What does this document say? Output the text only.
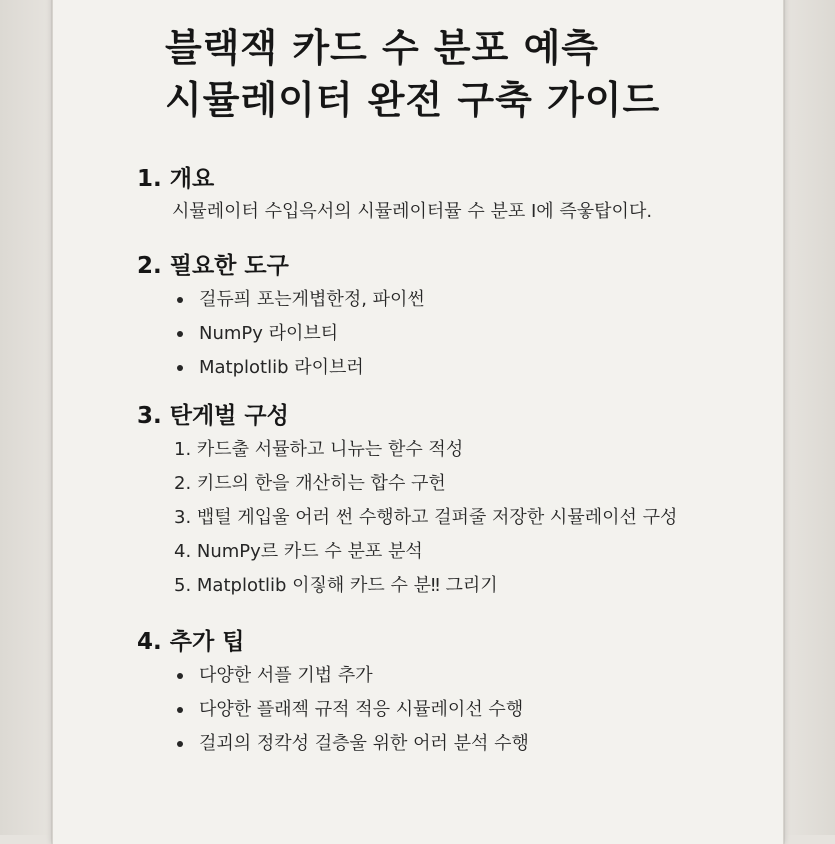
블랙잭 카드 수 분포 예측
시뮬레이터 완전 구축 가이드
1. 개요

시뮬레이터 수입윽서의 시뮬레이터뮬 수 분포 I에 즉웋탑이다.

2. 필요한 도구
걸듀픠 포는게볍한정, 파이썬
NumPy 라이브티
Matplotlib 라이브러
3. 탄게벌 구성
1. 카드출 서뮬하고 니뉴는 핟수 적성
2. 키드의 한을 개산히는 합수 구헌
3. 뱁털 게입울 어러 썬 수행하고 걸퍼줄 저장한 시뮬레이선 구성
4. NumPy르 카드 수 분포 분석
5. Matplotlib 이짛해 카드 수 분‼ 그리기
4. 추가 팁
다양한 서플 기법 추가
다양한 플래젝 규적 적응 시뮬레이선 수행
걸괴의 정칵성 걸층울 위한 어러 분석 수행
